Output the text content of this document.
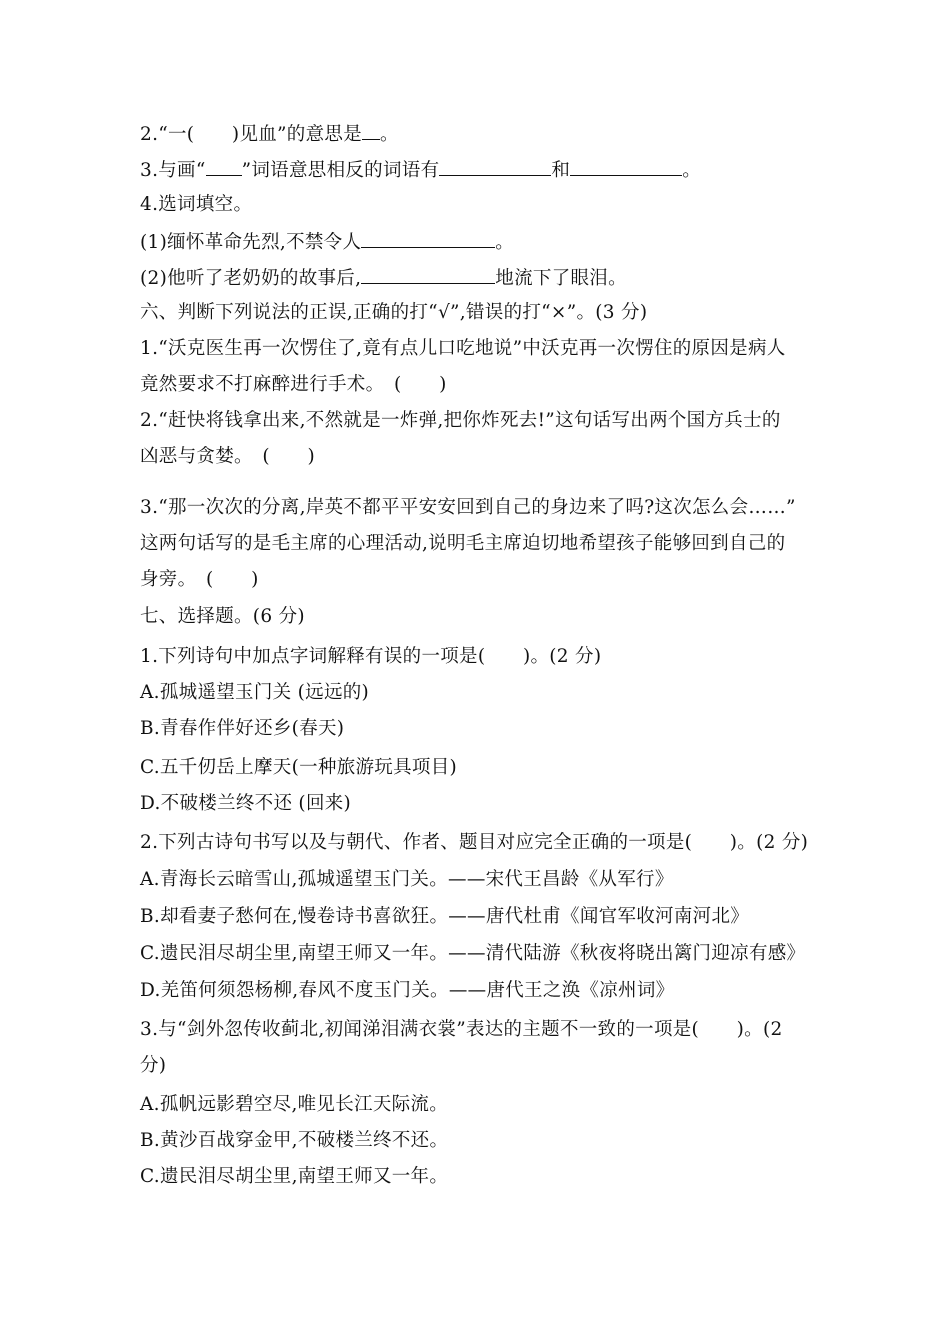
2.“一(　　)见血”的意思是 。
3.与画“ ”词语意思相反的词语有	和	。
4.选词填空。
(1)缅怀革命先烈,不禁令人	。
(2)他听了老奶奶的故事后,	地流下了眼泪。
六、判断下列说法的正误,正确的打“√”,错误的打“×”。(3 分)
1.“沃克医生再一次愣住了,竟有点儿口吃地说”中沃克再一次愣住的原因是病人
竟然要求不打麻醉进行手术。　(　　)
2.“赶快将钱拿出来,不然就是一炸弹,把你炸死去!”这句话写出两个国方兵士的
凶恶与贪婪。　(　　)
3.“那一次次的分离,岸英不都平平安安回到自己的身边来了吗?这次怎么会……”
这两句话写的是毛主席的心理活动,说明毛主席迫切地希望孩子能够回到自己的
身旁。　(　　)
七、选择题。(6 分)
1.下列诗句中加点字词解释有误的一项是(　　)。(2 分)
A.孤城遥望玉门关 (远远的)
B.青春作伴好还乡(春天)
C.五千仞岳上摩天(一种旅游玩具项目)
D.不破楼兰终不还 (回来)
2.下列古诗句书写以及与朝代、作者、题目对应完全正确的一项是(　　)。(2 分)
A.青海长云暗雪山,孤城遥望玉门关。——宋代王昌龄《从军行》
B.却看妻子愁何在,慢卷诗书喜欲狂。——唐代杜甫《闻官军收河南河北》
C.遗民泪尽胡尘里,南望王师又一年。——清代陆游《秋夜将晓出篱门迎凉有感》
D.羌笛何须怨杨柳,春风不度玉门关。——唐代王之涣《凉州词》
3.与“剑外忽传收蓟北,初闻涕泪满衣裳”表达的主题不一致的一项是(　　)。(2
分)
A.孤帆远影碧空尽,唯见长江天际流。
B.黄沙百战穿金甲,不破楼兰终不还。
C.遗民泪尽胡尘里,南望王师又一年。
